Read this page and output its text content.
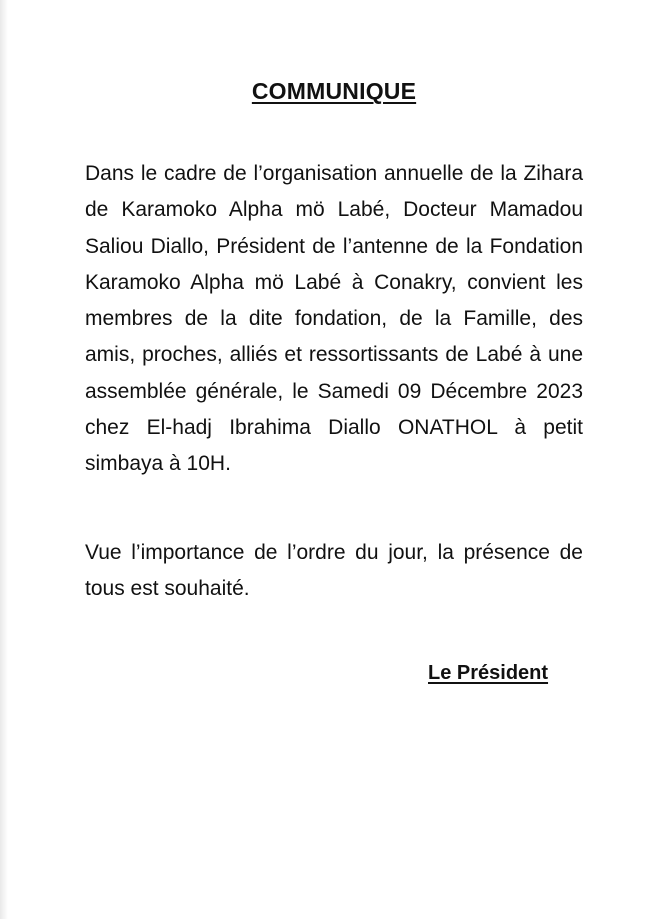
COMMUNIQUE

Dans le cadre de l’organisation annuelle de la Zihara de Karamoko Alpha mö Labé, Docteur Mamadou Saliou Diallo, Président de l’antenne de la Fondation Karamoko Alpha mö Labé à Conakry, convient les membres de la dite fondation, de la Famille, des amis, proches, alliés et ressortissants de Labé à une assemblée générale, le Samedi 09 Décembre 2023 chez El-hadj Ibrahima Diallo ONATHOL à petit simbaya à 10H.

Vue l’importance de l’ordre du jour, la présence de tous est souhaité.

Le Président
